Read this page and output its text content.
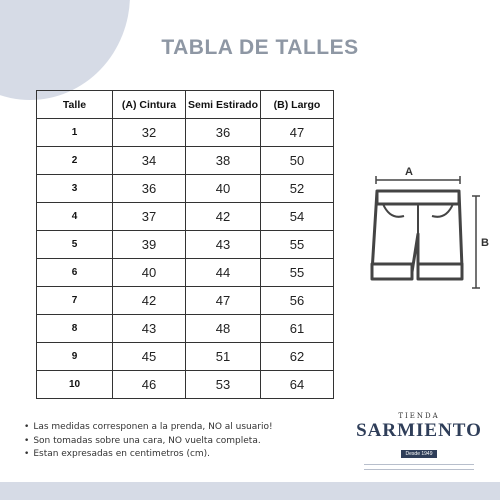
TABLA DE TALLES
Talle	(A) Cintura	Semi Estirado	(B) Largo
1	32	36	47
2	34	38	50
3	36	40	52
4	37	42	54
5	39	43	55
6	40	44	55
7	42	47	56
8	43	48	61
9	45	51	62
10	46	53	64
A
B
• Las medidas corresponen a la prenda, NO al usuario!
• Son tomadas sobre una cara, NO vuelta completa.
• Estan expresadas en centimetros (cm).
TIENDA
SARMIENTO
Desde 1949
